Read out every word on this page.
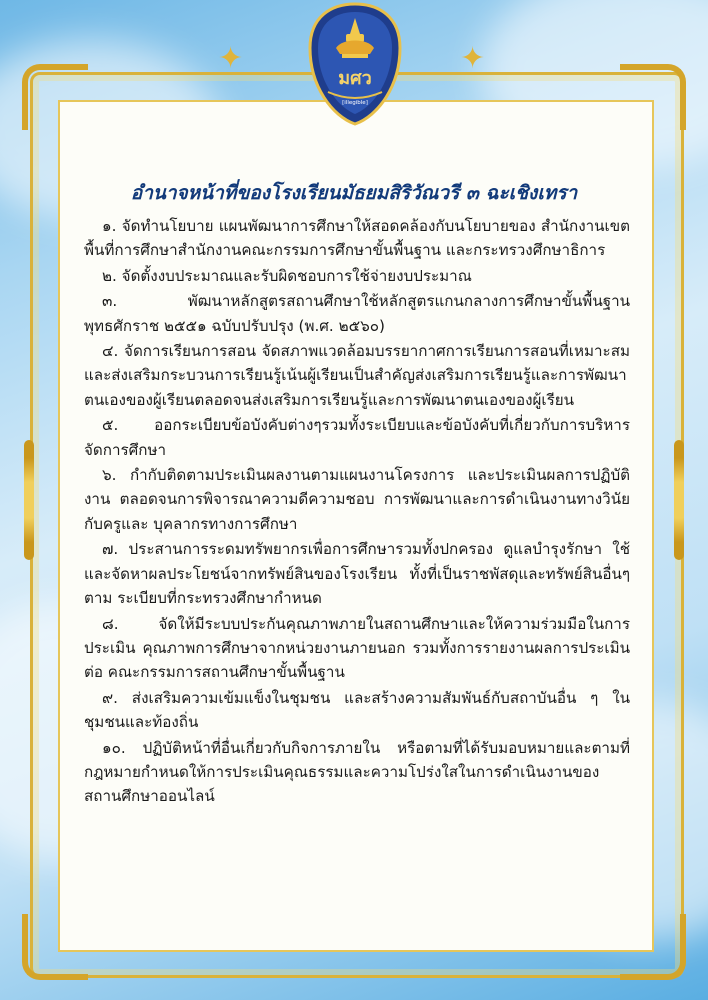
✦	✦
มศว
[illegible]
อำนาจหน้าที่ของโรงเรียนมัธยมสิริวัณวรี ๓ ฉะเชิงเทรา

๑. จัดทำนโยบาย แผนพัฒนาการศึกษาให้สอดคล้องกับนโยบายของ สำนักงานเขตพื้นที่การศึกษาสำนักงานคณะกรรมการศึกษาขั้นพื้นฐาน และกระทรวงศึกษาธิการ

๒. จัดตั้งงบประมาณและรับผิดชอบการใช้จ่ายงบประมาณ

๓. พัฒนาหลักสูตรสถานศึกษาใช้หลักสูตรแกนกลางการศึกษาขั้นพื้นฐาน พุทธศักราช ๒๕๕๑ ฉบับปรับปรุง (พ.ศ. ๒๕๖๐)

๔. จัดการเรียนการสอน จัดสภาพแวดล้อมบรรยากาศการเรียนการสอนที่เหมาะสมและส่งเสริมกระบวนการเรียนรู้เน้นผู้เรียนเป็นสำคัญส่งเสริมการเรียนรู้และการพัฒนาตนเองของผู้เรียนตลอดจนส่งเสริมการเรียนรู้และการพัฒนาตนเองของผู้เรียน

๕. ออกระเบียบข้อบังคับต่างๆรวมทั้งระเบียบและข้อบังคับที่เกี่ยวกับการบริหารจัดการศึกษา

๖. กำกับติดตามประเมินผลงานตามแผนงานโครงการ และประเมินผลการปฏิบัติงาน ตลอดจนการพิจารณาความดีความชอบ การพัฒนาและการดำเนินงานทางวินัยกับครูและ บุคลากรทางการศึกษา

๗. ประสานการระดมทรัพยากรเพื่อการศึกษารวมทั้งปกครอง ดูแลบำรุงรักษา ใช้และจัดหาผลประโยชน์จากทรัพย์สินของโรงเรียน ทั้งที่เป็นราชพัสดุและทรัพย์สินอื่นๆตาม ระเบียบที่กระทรวงศึกษากำหนด

๘. จัดให้มีระบบประกันคุณภาพภายในสถานศึกษาและให้ความร่วมมือในการประเมิน คุณภาพการศึกษาจากหน่วยงานภายนอก รวมทั้งการรายงานผลการประเมินต่อ คณะกรรมการสถานศึกษาขั้นพื้นฐาน

๙. ส่งเสริมความเข้มแข็งในชุมชน และสร้างความสัมพันธ์กับสถาบันอื่น ๆ ในชุมชนและท้องถิ่น

๑๐. ปฏิบัติหน้าที่อื่นเกี่ยวกับกิจการภายใน หรือตามที่ได้รับมอบหมายและตามที่กฎหมายกำหนดให้การประเมินคุณธรรมและความโปร่งใสในการดำเนินงานของสถานศึกษาออนไลน์
